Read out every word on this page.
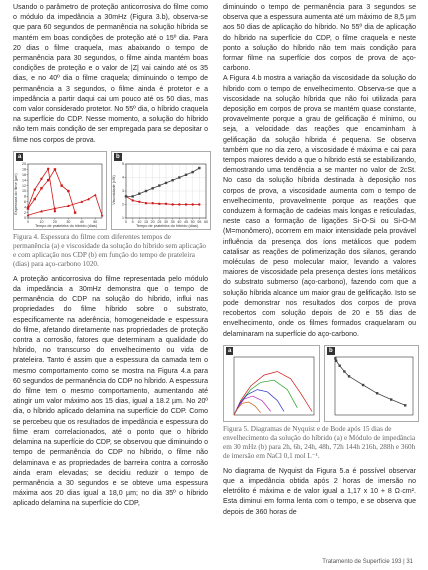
Usando o parâmetro de proteção anticorrosiva do filme como o módulo da impedância a 30mHz (Figura 3.b), observa-se que para 60 segundos de permanência na solução híbrida se mantém em boas condições de proteção até o 15º dia. Para 20 dias o filme craquela, mas abaixando o tempo de permanência para 30 segundos, o filme ainda mantém boas condições de proteção e o valor de |Z| vai caindo até os 35 dias, e no 40º dia o filme craquela; diminuindo o tempo de permanência a 3 segundos, o filme ainda é protetor e a impedância a partir daqui cai um pouco até os 50 dias, mas com valor considerado protetor. No 55º dia, o híbrido craquela na superfície do CDP. Nesse momento, a solução do híbrido não tem mais condição de ser empregada para se depositar o filme nos corpos de prova.

Espessura do filme (µm)
Tempo de prateleira do híbrido (dias)
0	10	20	30	40	50
0
2
4
6
8
10
12
14
16
18
20
a
Viscosidade (cSt)
Tempo de prateleira do híbrido (dias)
0 5 10 15 20 25 30 35 40 45 50 55 60
1
2
3
4
5
b

Figura 4. Espessura do filme com diferentes tempos de permanência (a) e viscosidade da solução do híbrido sem aplicação e com aplicação nos CDP (b) em função do tempo de prateleira (dias) para aço-carbono 1020.

A proteção anticorrosiva do filme representada pelo módulo da impedância a 30mHz demonstra que o tempo de permanência do CDP na solução do híbrido, influi nas propriedades do filme híbrido sobre o substrato, especificamente na aderência, homogeneidade e espessura do filme, afetando diretamente nas propriedades de proteção contra a corrosão, fatores que determinam a qualidade do híbrido, no transcurso do envelhecimento ou vida de prateleira. Tanto é assim que a espessura da camada tem o mesmo comportamento como se mostra na Figura 4.a para 60 segundos de permanência do CDP no híbrido. A espessura do filme tem o mesmo comportamento, aumentando até atingir um valor máximo aos 15 dias, igual a 18.2 µm. No 20º dia, o híbrido aplicado delamina na superfície do CDP. Como se percebeu que os resultados de impedância e espessura do filme eram correlacionados, até o ponto que o híbrido delamina na superfície do CDP, se observou que diminuindo o tempo de permanência do CDP no híbrido, o filme não delaminava e as propriedades de barreira contra a corrosão ainda eram elevadas; se decidiu reduzir o tempo de permanência a 30 segundos e se obteve uma espessura máxima aos 20 dias igual a 18,0 µm; no dia 35º o híbrido aplicado delamina na superfície do CDP,

diminuindo o tempo de permanência para 3 segundos se observa que a espessura aumenta até um máximo de 8,5 µm aos 50 dias de aplicação do híbrido. No 55º dia de aplicação do híbrido na superfície do CDP, o filme craquela e neste ponto a solução do híbrido não tem mais condição para formar filme na superfície dos corpos de prova de aço-carbono.

A Figura 4.b mostra a variação da viscosidade da solução do híbrido com o tempo de envelhecimento. Observa-se que a viscosidade na solução híbrida que não foi utilizada para deposição em corpos de prova se mantém quase constante, provavelmente porque a grau de gelificação é mínimo, ou seja, a velocidade das reações que encaminham à gelificação da solução híbrida é pequena. Se observa também que no dia zero, a viscosidade é máxima e cai para tempos maiores devido a que o híbrido está se estabilizando, demostrando uma tendência a se manter no valor de 2cSt. No caso da solução híbrida destinada à deposição nos corpos de prova, a viscosidade aumenta com o tempo de envelhecimento, provavelmente porque as reações que conduzem à formação de cadeias mais longas e reticuladas, neste caso a formação de ligações Si-O-Si ou Si-O-M (M=monômero), ocorrem em maior intensidade pela provável influência da presença dos íons metálicos que podem catalisar as reações de polimerização dos silanos, gerando moléculas de peso molecular maior, levando a valores maiores de viscosidade pela presença destes íons metálicos do substrato submerso (aço-carbono), fazendo com que a solução híbrida alcance um maior grau de gelificação. Isto se pode demonstrar nos resultados dos corpos de prova recobertos com solução depois de 20 e 55 dias de envelhecimento, onde os filmes formados craquelaram ou delaminaram na superfície do aço-carbono.

a	b

Figura 5. Diagramas de Nyquist e de Bode após 15 dias de envelhecimento da solução do híbrido (a) e Módulo de impedância em 30 mHz (b) para 2h, 6h, 24h, 48h, 72h 144h 216h, 288h e 360h de imersão em NaCl 0,1 mol L⁻¹.

No diagrama de Nyquist da Figura 5.a é possível observar que a impedância obtida após 2 horas de imersão no eletrólito é máxima e de valor igual a 1,17 x 10 + 8 Ω·cm². Esta diminui em forma lenta com o tempo, e se observa que depois de 360 horas de

Tratamento de Superfície 193 | 31
